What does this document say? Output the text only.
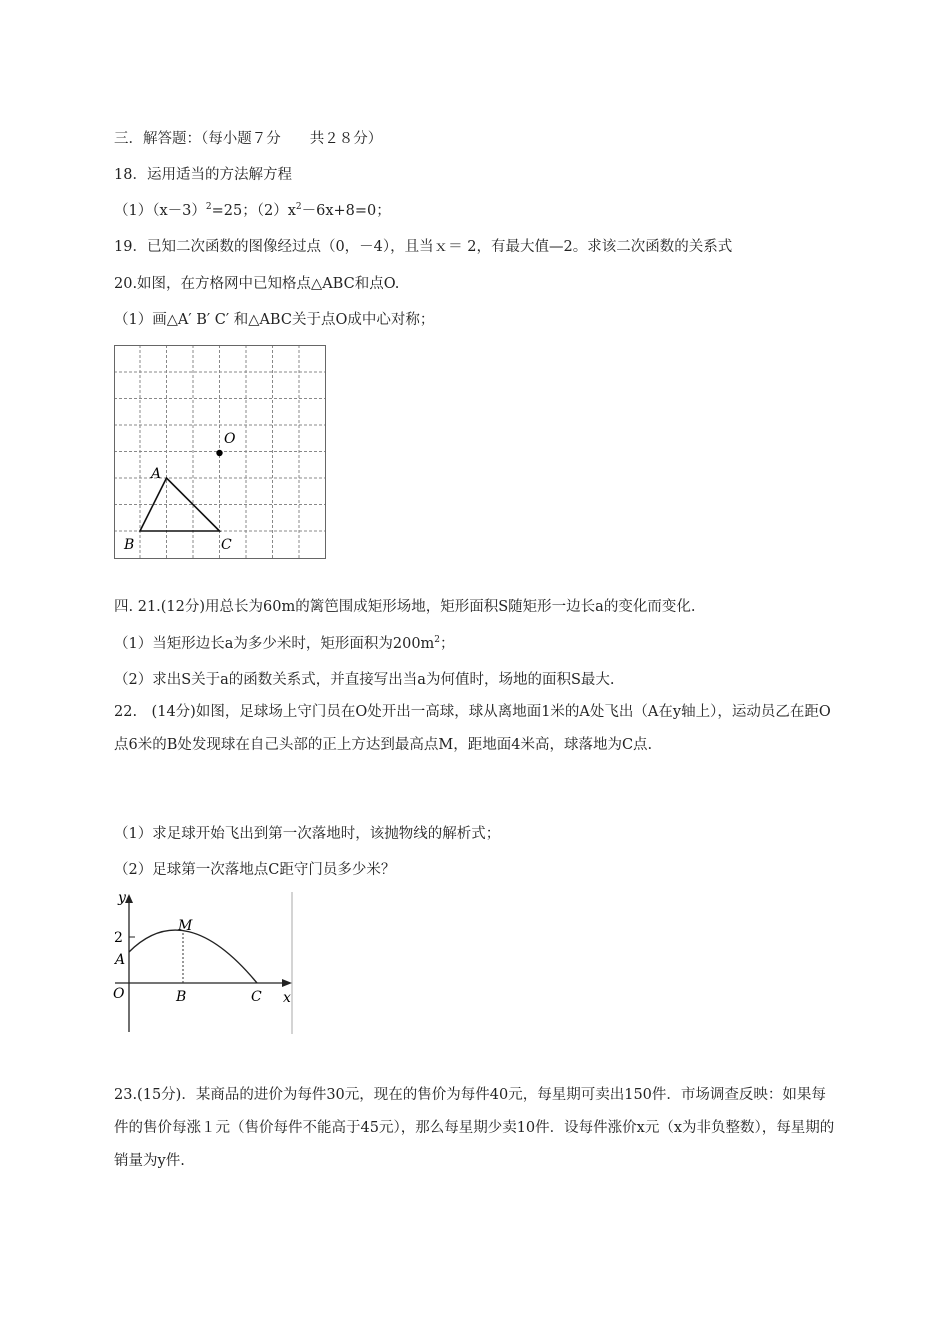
三．解答题：（每小题７分　　共２８分）
18．运用适当的方法解方程
$(1)(x-3)^2=25$；$(2)x^2-6x+8=0$；
19．已知二次函数的图像经过点（0，－4），且当ｘ＝ 2，有最大值—2。求该二次函数的关系式
20.如图，在方格网中已知格点△ABC和点O.
（1）画△A′ B′ C′ 和△ABC关于点O成中心对称；
O
A
B	C
四. 21.(12分)用总长为60m的篱笆围成矩形场地，矩形面积S随矩形一边长a的变化而变化.
（1）当矩形边长a为多少米时，矩形面积为$200m^2$；
（2）求出S关于a的函数关系式，并直接写出当a为何值时，场地的面积S最大.
22.　(14分)如图，足球场上守门员在O处开出一高球，球从离地面1米的A处飞出（A在y轴上），运动员乙在距O点6米的B处发现球在自己头部的正上方达到最高点M，距地面4米高，球落地为C点.
（1）求足球开始飞出到第一次落地时，该抛物线的解析式；
（2）足球第一次落地点C距守门员多少米？
y
2
A
M
O	B	C x
23.(15分)．某商品的进价为每件30元，现在的售价为每件40元，每星期可卖出150件．市场调查反映：如果每件的售价每涨１元（售价每件不能高于45元），那么每星期少卖10件．设每件涨价x元（x为非负整数），每星期的销量为y件.
